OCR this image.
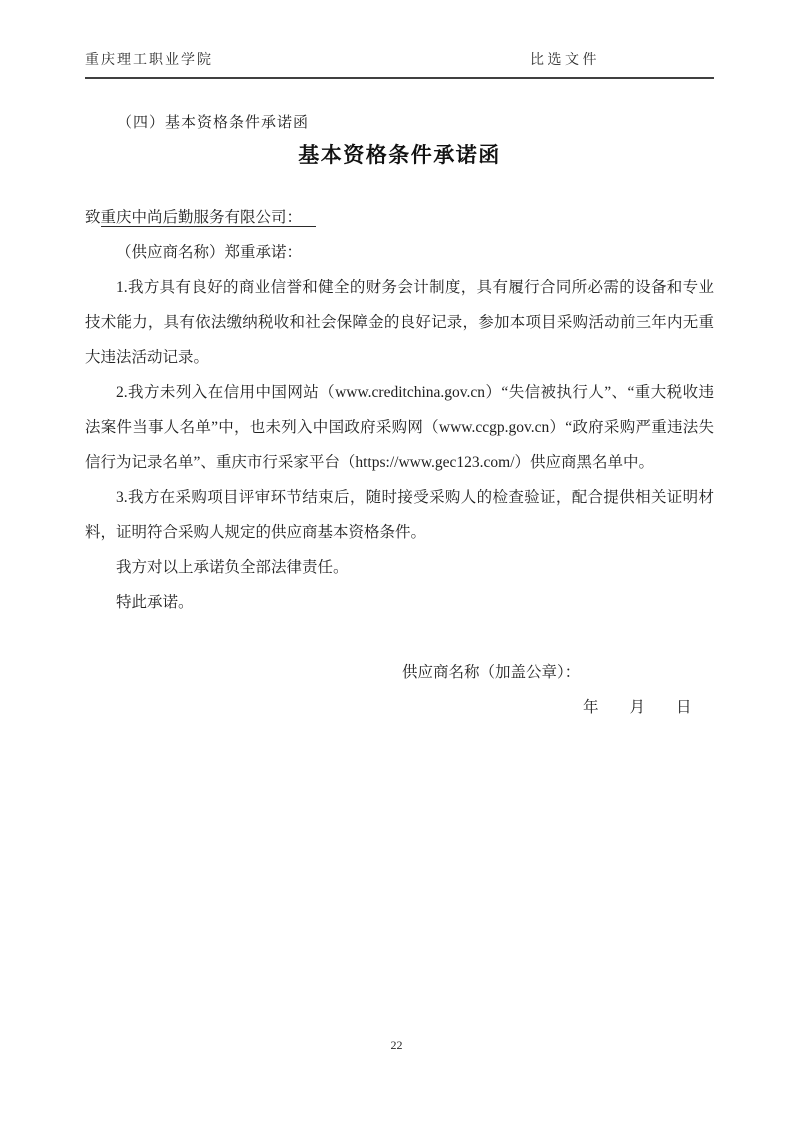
重庆理工职业学院	比选文件
（四）基本资格条件承诺函
基本资格条件承诺函

致重庆中尚后勤服务有限公司：

（供应商名称）郑重承诺：

1.我方具有良好的商业信誉和健全的财务会计制度，具有履行合同所必需的设备和专业技术能力，具有依法缴纳税收和社会保障金的良好记录，参加本项目采购活动前三年内无重大违法活动记录。

2.我方未列入在信用中国网站（www.creditchina.gov.cn）“失信被执行人”、“重大税收违法案件当事人名单”中，也未列入中国政府采购网（www.ccgp.gov.cn）“政府采购严重违法失信行为记录名单”、重庆市行采家平台（https://www.gec123.com/）供应商黑名单中。

3.我方在采购项目评审环节结束后，随时接受采购人的检查验证，配合提供相关证明材料，证明符合采购人规定的供应商基本资格条件。

我方对以上承诺负全部法律责任。

特此承诺。

供应商名称（加盖公章）：

年　　月　　日

22
